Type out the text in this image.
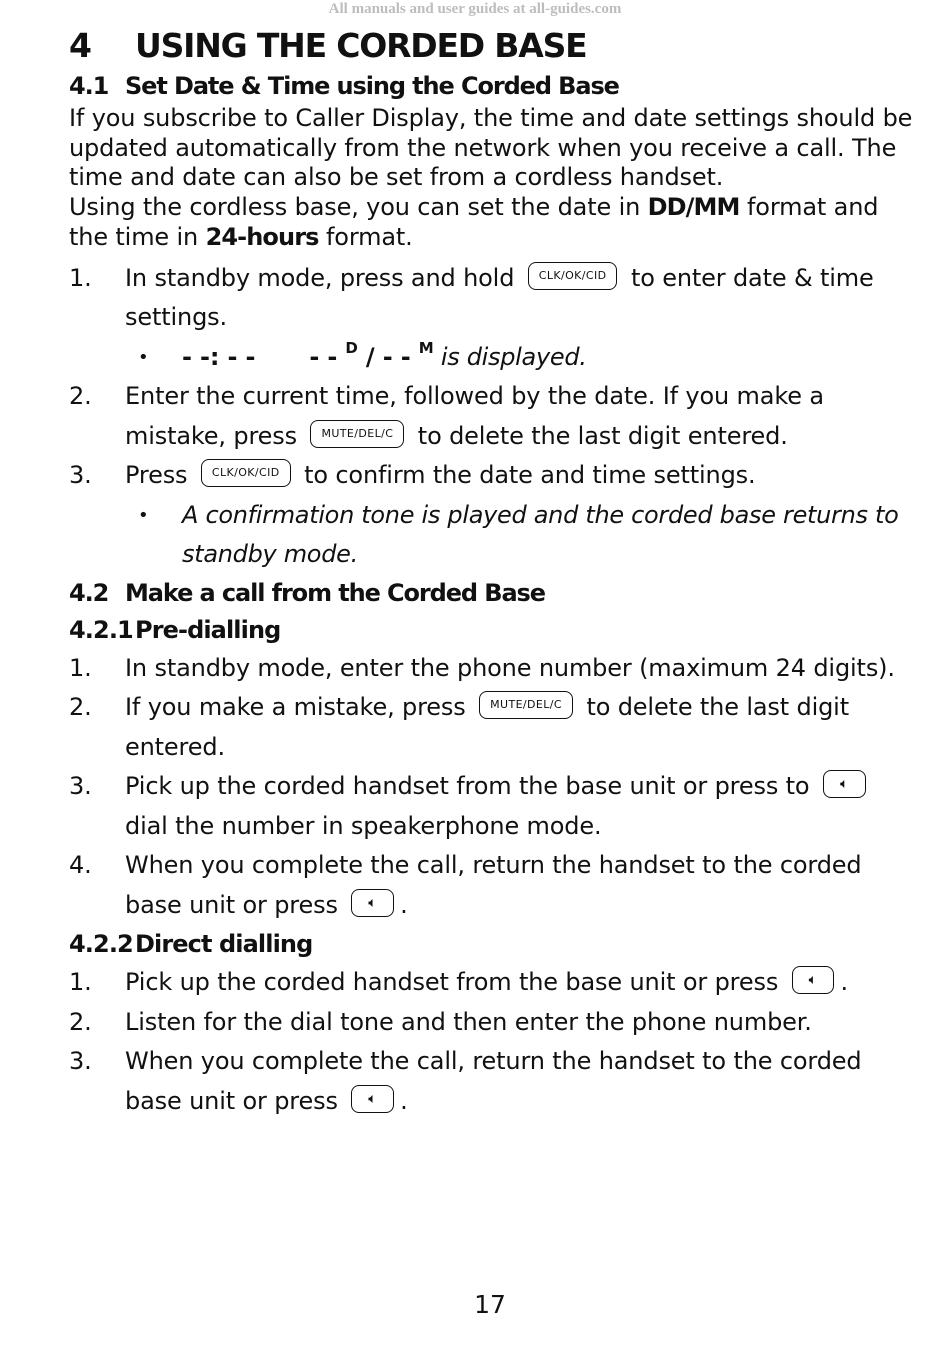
All manuals and user guides at all-guides.com
4 USING THE CORDED BASE
4.1 Set Date & Time using the Corded Base

If you subscribe to Caller Display, the time and date settings should be updated automatically from the network when you receive a call. The time and date can also be set from a cordless handset.

Using the cordless base, you can set the date in DD/MM format and the time in 24-hours format.

1. In standby mode, press and hold CLK/OK/CID to enter date & time settings.
• - -: - - - - $^D$ / - - $^M$ is displayed.
2. Enter the current time, followed by the date. If you make a mistake, press MUTE/DEL/C to delete the last digit entered.
3. Press CLK/OK/CID to confirm the date and time settings.
• A confirmation tone is played and the corded base returns to standby mode.
4.2 Make a call from the Corded Base
4.2.1Pre-dialling
1. In standby mode, enter the phone number (maximum 24 digits).
2. If you make a mistake, press MUTE/DEL/C to delete the last digit entered.
3. Pick up the corded handset from the base unit or press to 🔈︎ dial the number in speakerphone mode.
4. When you complete the call, return the handset to the corded base unit or press 🔈︎ .
4.2.2Direct dialling
1. Pick up the corded handset from the base unit or press 🔈︎ .
2. Listen for the dial tone and then enter the phone number.
3. When you complete the call, return the handset to the corded base unit or press 🔈︎ .
17
